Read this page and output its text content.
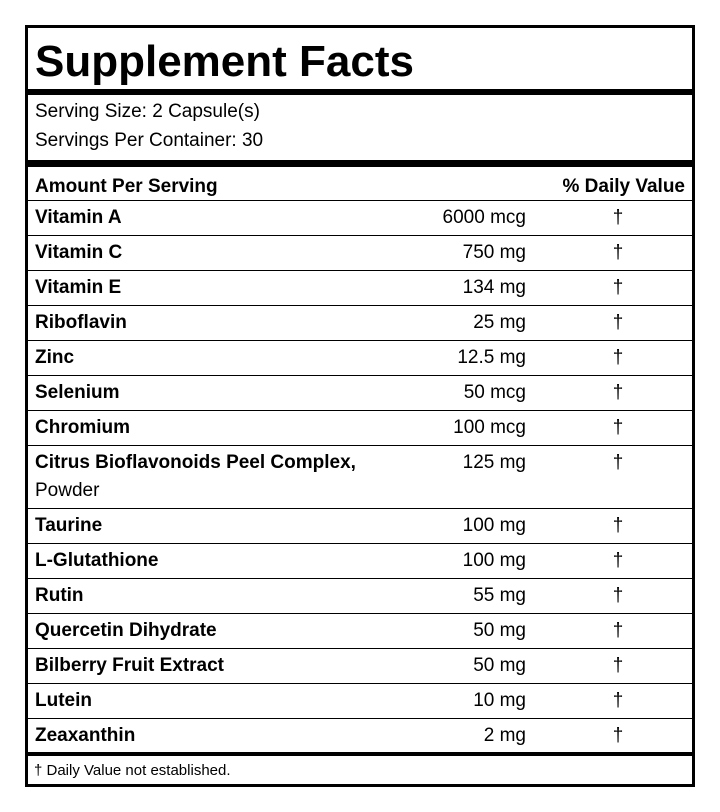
Supplement Facts
Serving Size: 2 Capsule(s)
Servings Per Container: 30
Amount Per Serving	% Daily Value
Vitamin A	6000 mcg	†
Vitamin C	750 mg	†
Vitamin E	134 mg	†
Riboflavin	25 mg	†
Zinc	12.5 mg	†
Selenium	50 mcg	†
Chromium	100 mcg	†
Citrus Bioflavonoids Peel Complex,
Powder
125 mg	†
Taurine	100 mg	†
L-Glutathione	100 mg	†
Rutin	55 mg	†
Quercetin Dihydrate	50 mg	†
Bilberry Fruit Extract	50 mg	†
Lutein	10 mg	†
Zeaxanthin	2 mg	†
† Daily Value not established.
